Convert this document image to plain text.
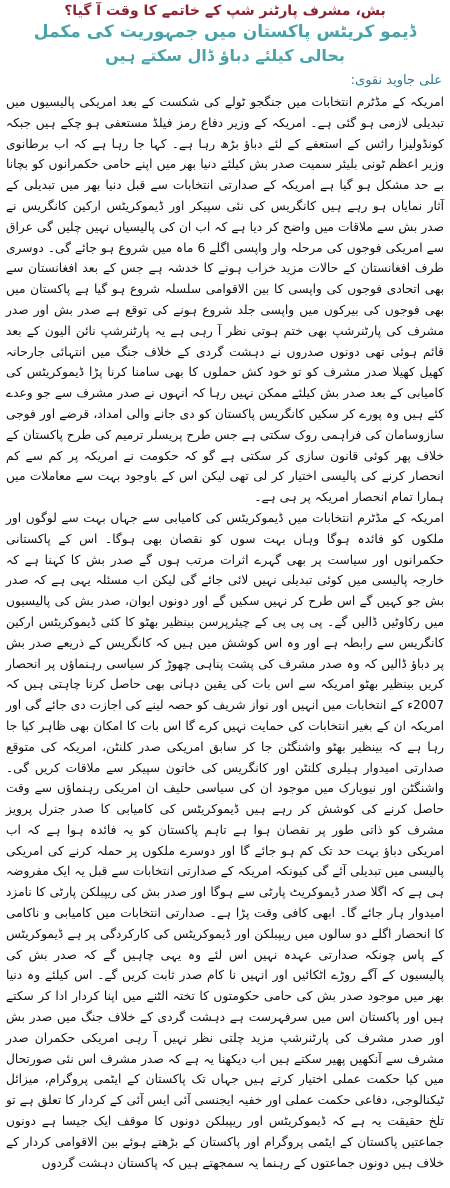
بش، مشرف پارٹنر شپ کے خاتمے کا وقت آ گیا؟
ڈیمو کریٹس پاکستان میں جمہوریت کی مکمل
بحالی کیلئے دباؤ ڈال سکتے ہیں
علی جاوید نقوی:

امریکہ کے مڈٹرم انتخابات میں جنگجو ٹولے کی شکست کے بعد امریکی پالیسیوں میں تبدیلی لازمی ہو گئی ہے۔ امریکہ کے وزیر دفاع رمز فیلڈ مستعفی ہو چکے ہیں جبکہ کونڈولیزا رائس کے استعفے کے لئے دباؤ بڑھ رہا ہے۔ کہا جا رہا ہے کہ اب برطانوی وزیر اعظم ٹونی بلیئر سمیت صدر بش کیلئے دنیا بھر میں اپنے حامی حکمرانوں کو بچانا بے حد مشکل ہو گیا ہے امریکہ کے صدارتی انتخابات سے قبل دنیا بھر میں تبدیلی کے آثار نمایاں ہو رہے ہیں کانگریس کی نئی سپیکر اور ڈیموکریٹس ارکین کانگریس نے صدر بش سے ملاقات میں واضح کر دیا ہے کہ اب ان کی پالیسیاں نہیں چلیں گی عراق سے امریکی فوجوں کی مرحلہ وار واپسی اگلے 6 ماہ میں شروع ہو جائے گی۔ دوسری طرف افغانستان کے حالات مزید خراب ہونے کا خدشہ ہے جس کے بعد افغانستان سے بھی اتحادی فوجوں کی واپسی کا بین الاقوامی سلسلہ شروع ہو گیا ہے پاکستان میں بھی فوجوں کی بیرکوں میں واپسی جلد شروع ہونے کی توقع ہے صدر بش اور صدر مشرف کی پارٹنرشپ بھی ختم ہوتی نظر آ رہی ہے یہ پارٹنرشپ نائن الیون کے بعد قائم ہوئی تھی دونوں صدروں نے دہشت گردی کے خلاف جنگ میں انتہائی جارحانہ کھیل کھیلا صدر مشرف کو تو خود کش حملوں کا بھی سامنا کرنا پڑا ڈیموکریٹس کی کامیابی کے بعد صدر بش کیلئے ممکن نہیں رہا کہ انہوں نے صدر مشرف سے جو وعدے کئے ہیں وہ پورے کر سکیں کانگریس پاکستان کو دی جانے والی امداد، قرضے اور فوجی سازوسامان کی فراہمی روک سکتی ہے جس طرح پریسلر ترمیم کی طرح پاکستان کے خلاف پھر کوئی قانون سازی کر سکتی ہے گو کہ حکومت نے امریکہ پر کم سے کم انحصار کرنے کی پالیسی اختیار کر لی تھی لیکن اس کے باوجود بہت سے معاملات میں ہمارا تمام انحصار امریکہ پر ہی ہے۔

امریکہ کے مڈٹرم انتخابات میں ڈیموکریٹس کی کامیابی سے جہاں بہت سے لوگوں اور ملکوں کو فائدہ ہوگا وہاں بہت سوں کو نقصان بھی ہوگا۔ اس کے پاکستانی حکمرانوں اور سیاست پر بھی گہرے اثرات مرتب ہوں گے صدر بش کا کہنا ہے کہ خارجہ پالیسی میں کوئی تبدیلی نہیں لائی جائے گی لیکن اب مسئلہ یہی ہے کہ صدر بش جو کہیں گے اس طرح کر نہیں سکیں گے اور دونوں ایوان، صدر بش کی پالیسیوں میں رکاوٹیں ڈالیں گے۔ پی پی پی کے چیئرپرسن بینظیر بھٹو کا کئی ڈیموکریٹس ارکین کانگریس سے رابطہ ہے اور وہ اس کوشش میں ہیں کہ کانگریس کے ذریعے صدر بش پر دباؤ ڈالیں کہ وہ صدر مشرف کی پشت پناہی چھوڑ کر سیاسی رہنماؤں پر انحصار کریں بینظیر بھٹو امریکہ سے اس بات کی یقین دہانی بھی حاصل کرنا چاہتی ہیں کہ 2007ء کے انتخابات میں انہیں اور نواز شریف کو حصہ لینے کی اجازت دی جائے گی اور امریکہ ان کے بغیر انتخابات کی حمایت نہیں کرے گا اس بات کا امکان بھی ظاہر کیا جا رہا ہے کہ بینظیر بھٹو واشنگٹن جا کر سابق امریکی صدر کلنٹن، امریکہ کی متوقع صدارتی امیدوار ہیلری کلنٹن اور کانگریس کی خاتون سپیکر سے ملاقات کریں گی۔ واشنگٹن اور نیویارک میں موجود ان کی سیاسی حلیف ان امریکی رہنماؤں سے وقت حاصل کرنے کی کوشش کر رہے ہیں ڈیموکریٹس کی کامیابی کا صدر جنرل پرویز مشرف کو ذاتی طور پر نقصان ہوا ہے تاہم پاکستان کو یہ فائدہ ہوا ہے کہ اب امریکی دباؤ بہت حد تک کم ہو جائے گا اور دوسرے ملکوں پر حملہ کرنے کی امریکی پالیسی میں تبدیلی آئے گی کیونکہ امریکہ کے صدارتی انتخابات سے قبل یہ ایک مفروضہ ہی ہے کہ اگلا صدر ڈیموکریٹ پارٹی سے ہوگا اور صدر بش کی ریپبلکن پارٹی کا نامزد امیدوار ہار جائے گا۔ ابھی کافی وقت پڑا ہے۔ صدارتی انتخابات میں کامیابی و ناکامی کا انحصار اگلے دو سالوں میں ریپبلکن اور ڈیموکریٹس کی کارکردگی پر ہے ڈیموکریٹس کے پاس چونکہ صدارتی عہدہ نہیں اس لئے وہ یہی چاہیں گے کہ صدر بش کی پالیسیوں کے آگے روڑے اٹکائیں اور انہیں نا کام صدر ثابت کریں گے۔ اس کیلئے وہ دنیا بھر میں موجود صدر بش کی حامی حکومتوں کا تختہ الٹنے میں اپنا کردار ادا کر سکتے ہیں اور پاکستان اس میں سرفہرست ہے دہشت گردی کے خلاف جنگ میں صدر بش اور صدر مشرف کی پارٹنرشپ مزید چلتی نظر نہیں آ رہی امریکی حکمران صدر مشرف سے آنکھیں پھیر سکتے ہیں اب دیکھنا یہ ہے کہ صدر مشرف اس نئی صورتحال میں کیا حکمت عملی اختیار کرتے ہیں جہاں تک پاکستان کے ایٹمی پروگرام، میزائل ٹیکنالوجی، دفاعی حکمت عملی اور خفیہ ایجنسی آئی ایس آئی کے کردار کا تعلق ہے تو تلخ حقیقت یہ ہے کہ ڈیموکریٹس اور ریپبلکن دونوں کا موقف ایک جیسا ہے دونوں جماعتیں پاکستان کے ایٹمی پروگرام اور پاکستان کے بڑھتے ہوئے بین الاقوامی کردار کے خلاف ہیں دونوں جماعتوں کے رہنما یہ سمجھتے ہیں کہ پاکستان دہشت گردوں
